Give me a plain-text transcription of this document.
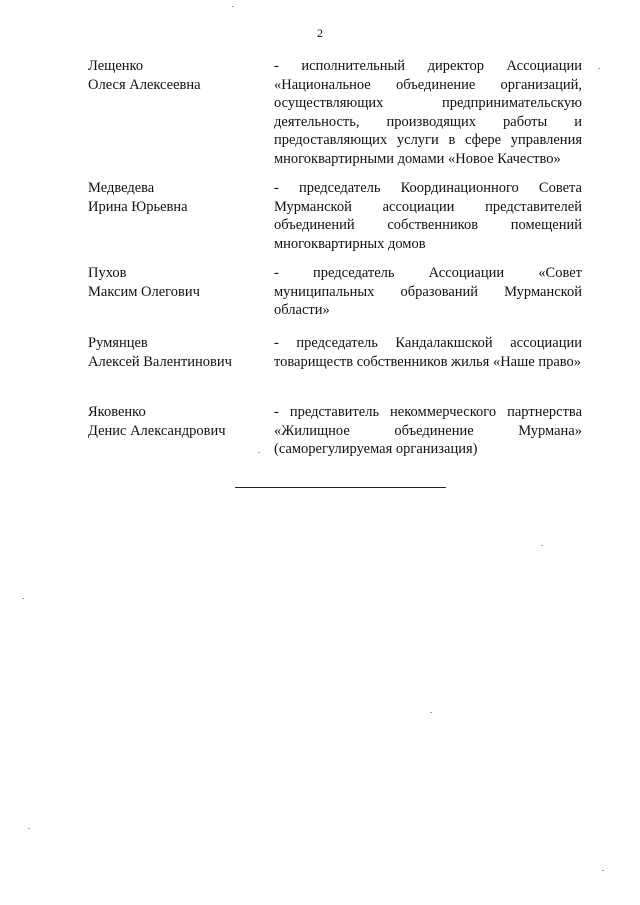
2
Лещенко
Олеся Алексеевна
- исполнительный директор Ассоциации «Национальное объединение организаций, осуществляющих предпринимательскую деятельность, производящих работы и предоставляющих услуги в сфере управления многоквартирными домами «Новое Качество»
Медведева
Ирина Юрьевна
- председатель Координационного Совета Мурманской ассоциации представителей объединений собственников помещений многоквартирных домов
Пухов
Максим Олегович
- председатель Ассоциации «Совет муниципальных образований Мурманской области»
Румянцев
Алексей Валентинович
- председатель Кандалакшской ассоциации товариществ собственников жилья «Наше право»
Яковенко
Денис Александрович
- представитель некоммерческого партнерства «Жилищное объединение Мурмана» (саморегулируемая организация)
